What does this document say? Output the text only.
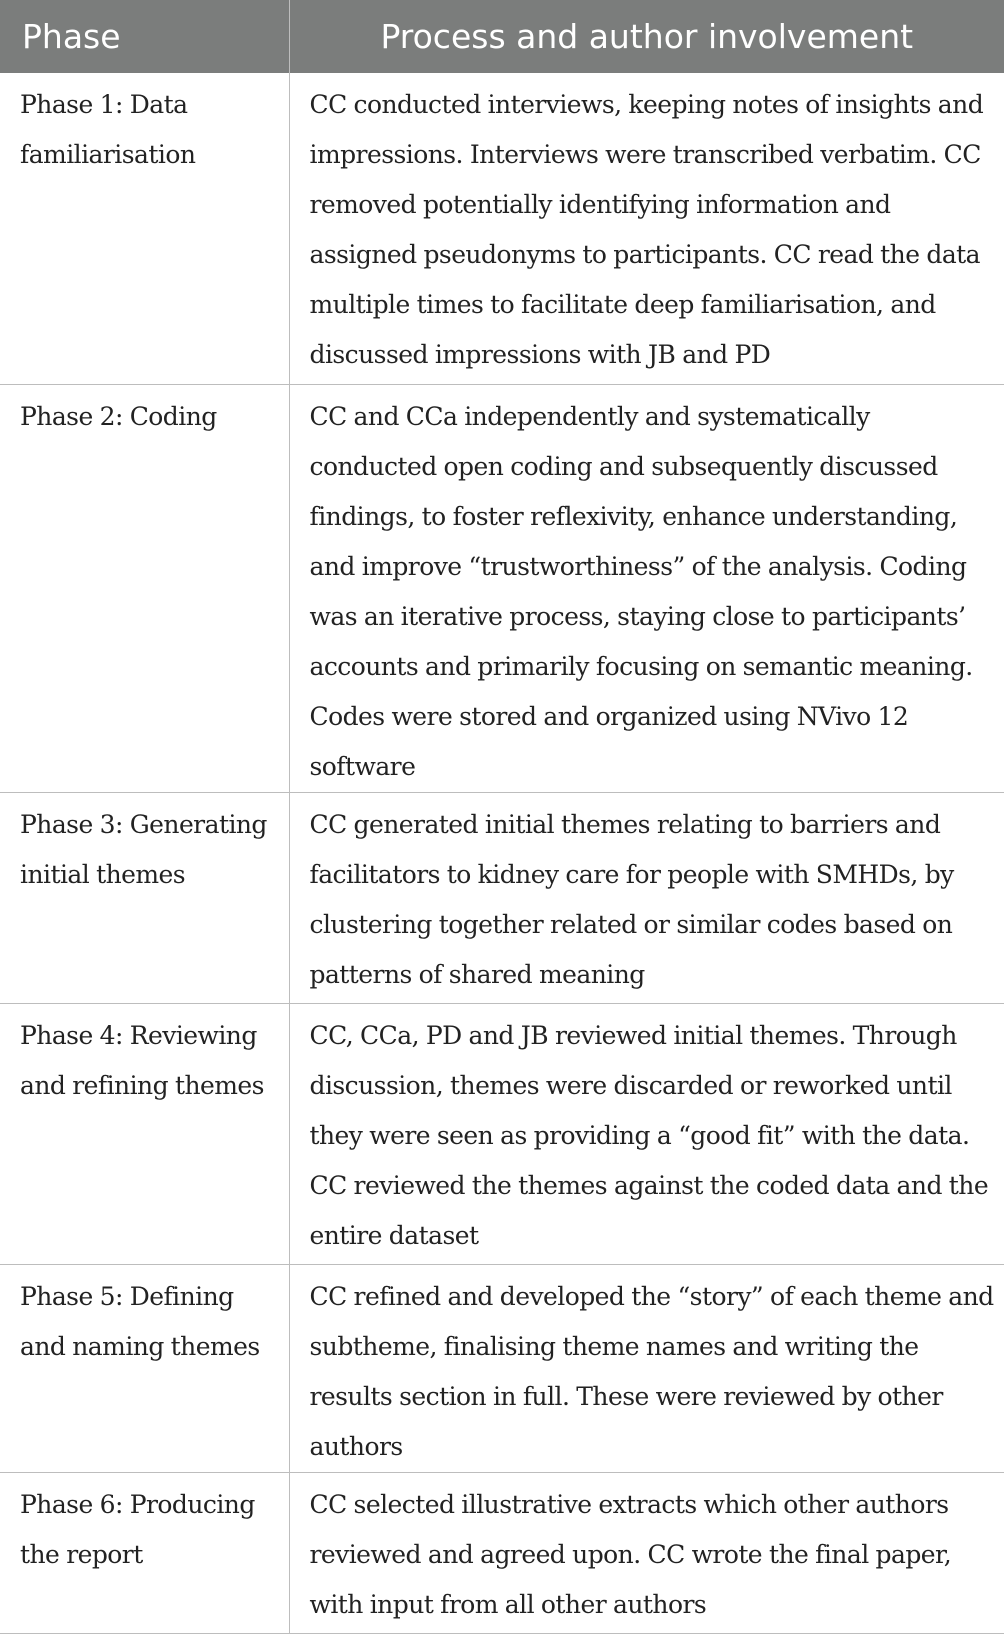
Phase	Process and author involvement
Phase 1: Data familiarisation	CC conducted interviews, keeping notes of insights and impressions. Interviews were transcribed verbatim. CC removed potentially identifying information and assigned pseudonyms to participants. CC read the data multiple times to facilitate deep familiarisation, and discussed impressions with JB and PD
Phase 2: Coding	CC and CCa independently and systematically conducted open coding and subsequently discussed findings, to foster reflexivity, enhance understanding, and improve “trustworthiness” of the analysis. Coding was an iterative process, staying close to participants’ accounts and primarily focusing on semantic meaning. Codes were stored and organized using NVivo 12 software
Phase 3: Generating initial themes	CC generated initial themes relating to barriers and facilitators to kidney care for people with SMHDs, by clustering together related or similar codes based on patterns of shared meaning
Phase 4: Reviewing and refining themes	CC, CCa, PD and JB reviewed initial themes. Through discussion, themes were discarded or reworked until they were seen as providing a “good fit” with the data. CC reviewed the themes against the coded data and the entire dataset
Phase 5: Defining and naming themes	CC refined and developed the “story” of each theme and subtheme, finalising theme names and writing the results section in full. These were reviewed by other authors
Phase 6: Producing the report	CC selected illustrative extracts which other authors reviewed and agreed upon. CC wrote the final paper, with input from all other authors
